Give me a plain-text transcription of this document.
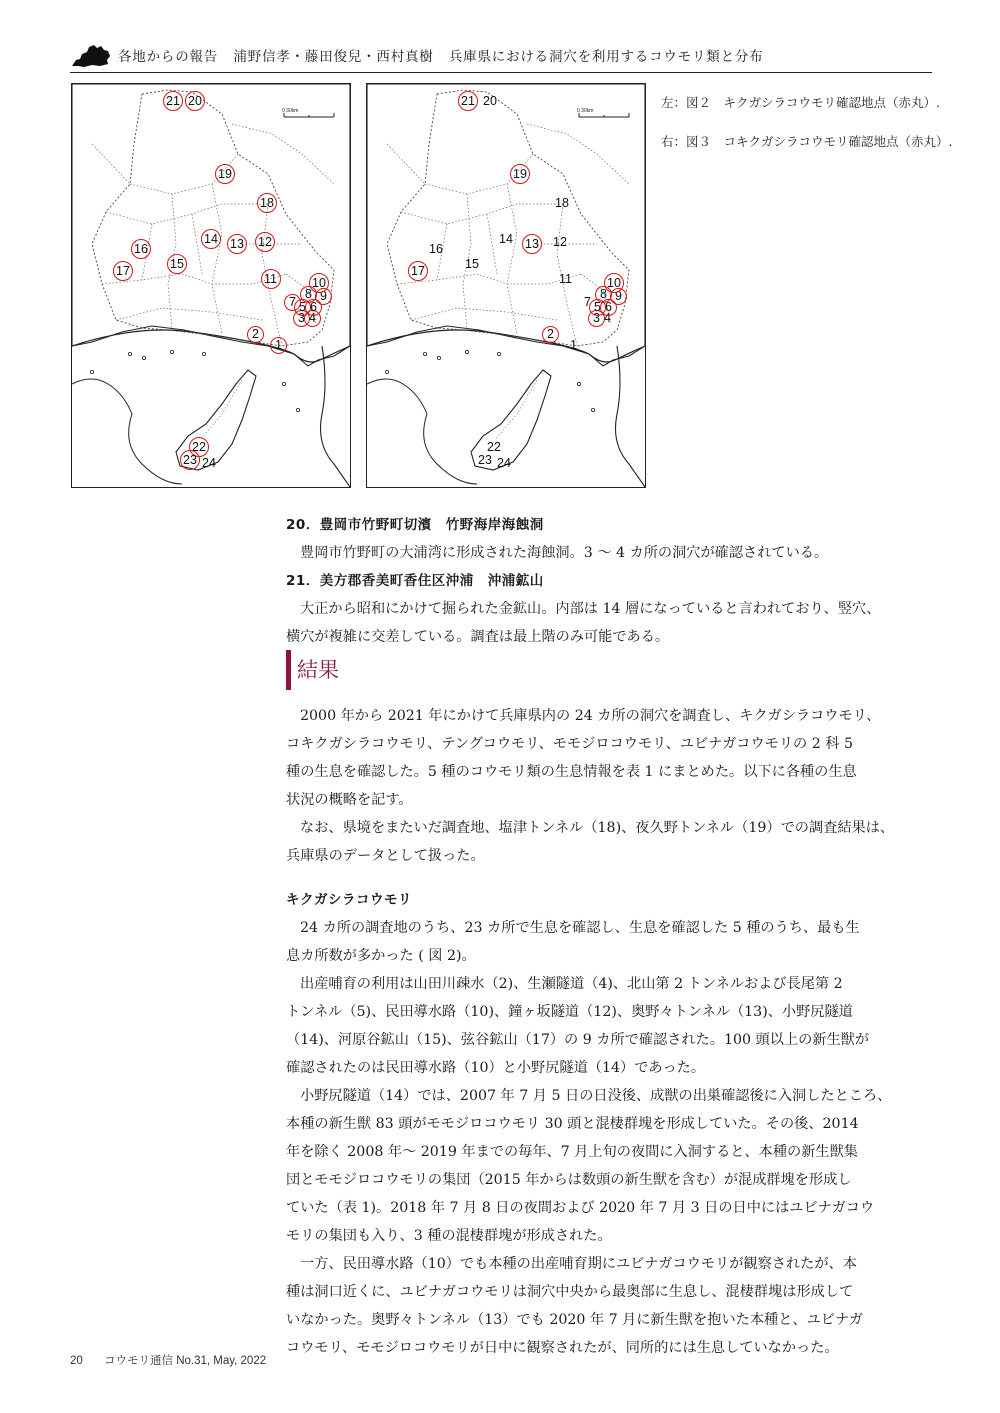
各地からの報告 浦野信孝・藤田俊兒・西村真樹 兵庫県における洞穴を利用するコウモリ類と分布
0 30km
1
2
3 4
5 6
7
8 9
10
11
12
13
14
15
16
17
18
19
20
21
22
23 24
0 30km
1
2
3 4
5 6
7
8 9
10
11
12
13
14
15
16
17
18
19
20
21
22
23 24
左：図２　キクガシラコウモリ確認地点（赤丸）.
右：図３　コキクガシラコウモリ確認地点（赤丸）.
20．豊岡市竹野町切濱　竹野海岸海蝕洞

豊岡市竹野町の大浦湾に形成された海蝕洞。3 ～ 4 カ所の洞穴が確認されている。

21．美方郡香美町香住区沖浦　沖浦鉱山

大正から昭和にかけて掘られた金鉱山。内部は 14 層になっていると言われており、竪穴、
横穴が複雑に交差している。調査は最上階のみ可能である。

結果

2000 年から 2021 年にかけて兵庫県内の 24 カ所の洞穴を調査し、キクガシラコウモリ、
コキクガシラコウモリ、テングコウモリ、モモジロコウモリ、ユビナガコウモリの 2 科 5
種の生息を確認した。5 種のコウモリ類の生息情報を表 1 にまとめた。以下に各種の生息
状況の概略を記す。

なお、県境をまたいだ調査地、塩津トンネル（18)、夜久野トンネル（19）での調査結果は、
兵庫県のデータとして扱った。

キクガシラコウモリ

24 カ所の調査地のうち、23 カ所で生息を確認し、生息を確認した 5 種のうち、最も生
息カ所数が多かった ( 図 2)。

出産哺育の利用は山田川疎水（2)、生瀬隧道（4)、北山第 2 トンネルおよび長尾第 2
トンネル（5)、民田導水路（10)、鐘ヶ坂隧道（12)、奥野々トンネル（13)、小野尻隧道
（14)、河原谷鉱山（15)、弦谷鉱山（17）の 9 カ所で確認された。100 頭以上の新生獣が
確認されたのは民田導水路（10）と小野尻隧道（14）であった。

小野尻隧道（14）では、2007 年 7 月 5 日の日没後、成獣の出巣確認後に入洞したところ、
本種の新生獣 83 頭がモモジロコウモリ 30 頭と混棲群塊を形成していた。その後、2014
年を除く 2008 年～ 2019 年までの毎年、7 月上旬の夜間に入洞すると、本種の新生獣集
団とモモジロコウモリの集団（2015 年からは数頭の新生獣を含む）が混成群塊を形成し
ていた（表 1)。2018 年 7 月 8 日の夜間および 2020 年 7 月 3 日の日中にはユビナガコウ
モリの集団も入り、3 種の混棲群塊が形成された。

一方、民田導水路（10）でも本種の出産哺育期にユビナガコウモリが観察されたが、本
種は洞口近くに、ユビナガコウモリは洞穴中央から最奥部に生息し、混棲群塊は形成して
いなかった。奥野々トンネル（13）でも 2020 年 7 月に新生獣を抱いた本種と、ユビナガ
コウモリ、モモジロコウモリが日中に観察されたが、同所的には生息していなかった。

20 コウモリ通信 No.31, May, 2022
